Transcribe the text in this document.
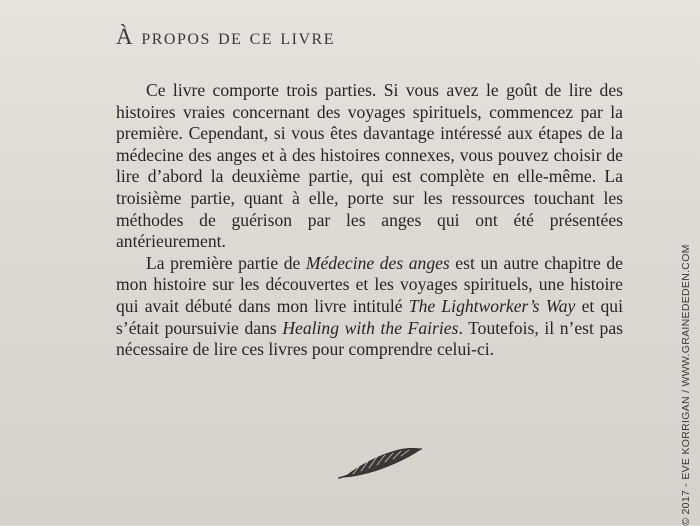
À propos de ce livre

Ce livre comporte trois parties. Si vous avez le goût de lire des histoires vraies concernant des voyages spirituels, commencez par la première. Cependant, si vous êtes davantage intéressé aux étapes de la médecine des anges et à des histoires connexes, vous pouvez choisir de lire d’abord la deuxième partie, qui est complète en elle-même. La troisième partie, quant à elle, porte sur les ressources touchant les méthodes de guérison par les anges qui ont été présentées antérieurement.

La première partie de Médecine des anges est un autre chapitre de mon histoire sur les découvertes et les voyages spirituels, une histoire qui avait débuté dans mon livre intitulé The Lightworker’s Way et qui s’était poursuivie dans Healing with the Fairies. Toutefois, il n’est pas nécessaire de lire ces livres pour comprendre celui-ci.	© 2017 - EVE KORRIGAN / WWW.GRAINEDEDEN.COM
